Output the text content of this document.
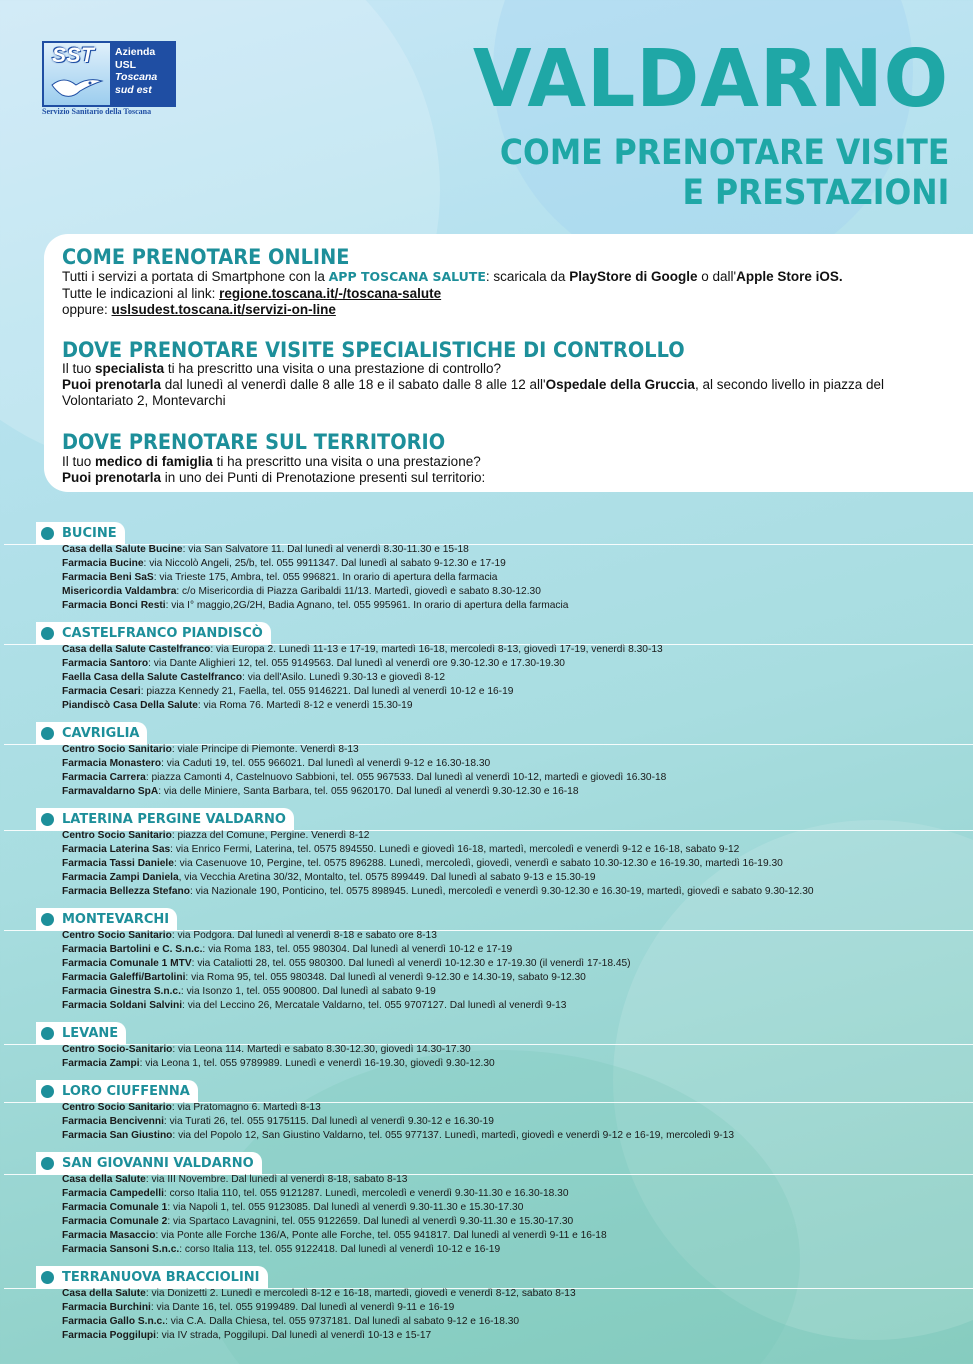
SST Azienda
USL
Toscana
sud est
Servizio Sanitario della Toscana	VALDARNO
COME PRENOTARE VISITE
E PRESTAZIONI
COME PRENOTARE ONLINE
Tutti i servizi a portata di Smartphone con la APP TOSCANA SALUTE: scaricala da PlayStore di Google o dall'Apple Store iOS.
Tutte le indicazioni al link: regione.toscana.it/-/toscana-salute
oppure: uslsudest.toscana.it/servizi-on-line
DOVE PRENOTARE VISITE SPECIALISTICHE DI CONTROLLO
Il tuo specialista ti ha prescritto una visita o una prestazione di controllo?
Puoi prenotarla dal lunedì al venerdì dalle 8 alle 18 e il sabato dalle 8 alle 12 all'Ospedale della Gruccia, al secondo livello in piazza del Volontariato 2, Montevarchi
DOVE PRENOTARE SUL TERRITORIO
Il tuo medico di famiglia ti ha prescritto una visita o una prestazione?
Puoi prenotarla in uno dei Punti di Prenotazione presenti sul territorio:
BUCINE
Casa della Salute Bucine: via San Salvatore 11. Dal lunedì al venerdì 8.30-11.30 e 15-18
Farmacia Bucine: via Niccolò Angeli, 25/b, tel. 055 9911347. Dal lunedì al sabato 9-12.30 e 17-19
Farmacia Beni SaS: via Trieste 175, Ambra, tel. 055 996821. In orario di apertura della farmacia
Misericordia Valdambra: c/o Misericordia di Piazza Garibaldi 11/13. Martedì, giovedì e sabato 8.30-12.30
Farmacia Bonci Resti: via I° maggio,2G/2H, Badia Agnano, tel. 055 995961. In orario di apertura della farmacia
CASTELFRANCO PIANDISCÒ
Casa della Salute Castelfranco: via Europa 2. Lunedì 11-13 e 17-19, martedì 16-18, mercoledì 8-13, giovedì 17-19, venerdì 8.30-13
Farmacia Santoro: via Dante Alighieri 12, tel. 055 9149563. Dal lunedì al venerdì ore 9.30-12.30 e 17.30-19.30
Faella Casa della Salute Castelfranco: via dell'Asilo. Lunedì 9.30-13 e giovedì 8-12
Farmacia Cesari: piazza Kennedy 21, Faella, tel. 055 9146221. Dal lunedì al venerdì 10-12 e 16-19
Piandiscò Casa Della Salute: via Roma 76. Martedì 8-12 e venerdì 15.30-19
CAVRIGLIA
Centro Socio Sanitario: viale Principe di Piemonte. Venerdì 8-13
Farmacia Monastero: via Caduti 19, tel. 055 966021. Dal lunedì al venerdì 9-12 e 16.30-18.30
Farmacia Carrera: piazza Camonti 4, Castelnuovo Sabbioni, tel. 055 967533. Dal lunedì al venerdì 10-12, martedì e giovedì 16.30-18
Farmavaldarno SpA: via delle Miniere, Santa Barbara, tel. 055 9620170. Dal lunedì al venerdì 9.30-12.30 e 16-18
LATERINA PERGINE VALDARNO
Centro Socio Sanitario: piazza del Comune, Pergine. Venerdì 8-12
Farmacia Laterina Sas: via Enrico Fermi, Laterina, tel. 0575 894550. Lunedì e giovedì 16-18, martedì, mercoledì e venerdì 9-12 e 16-18, sabato 9-12
Farmacia Tassi Daniele: via Casenuove 10, Pergine, tel. 0575 896288. Lunedì, mercoledì, giovedì, venerdì e sabato 10.30-12.30 e 16-19.30, martedì 16-19.30
Farmacia Zampi Daniela, via Vecchia Aretina 30/32, Montalto, tel. 0575 899449. Dal lunedì al sabato 9-13 e 15.30-19
Farmacia Bellezza Stefano: via Nazionale 190, Ponticino, tel. 0575 898945. Lunedì, mercoledì e venerdì 9.30-12.30 e 16.30-19, martedì, giovedì e sabato 9.30-12.30
MONTEVARCHI
Centro Socio Sanitario: via Podgora. Dal lunedì al venerdì 8-18 e sabato ore 8-13
Farmacia Bartolini e C. S.n.c.: via Roma 183, tel. 055 980304. Dal lunedì al venerdì 10-12 e 17-19
Farmacia Comunale 1 MTV: via Cataliotti 28, tel. 055 980300. Dal lunedì al venerdì 10-12.30 e 17-19.30 (il venerdì 17-18.45)
Farmacia Galeffi/Bartolini: via Roma 95, tel. 055 980348. Dal lunedì al venerdì 9-12.30 e 14.30-19, sabato 9-12.30
Farmacia Ginestra S.n.c.: via Isonzo 1, tel. 055 900800. Dal lunedì al sabato 9-19
Farmacia Soldani Salvini: via del Leccino 26, Mercatale Valdarno, tel. 055 9707127. Dal lunedì al venerdì 9-13
LEVANE
Centro Socio-Sanitario: via Leona 114. Martedì e sabato 8.30-12.30, giovedì 14.30-17.30
Farmacia Zampi: via Leona 1, tel. 055 9789989. Lunedì e venerdì 16-19.30, giovedì 9.30-12.30
LORO CIUFFENNA
Centro Socio Sanitario: via Pratomagno 6. Martedì 8-13
Farmacia Bencivenni: via Turati 26, tel. 055 9175115. Dal lunedì al venerdì 9.30-12 e 16.30-19
Farmacia San Giustino: via del Popolo 12, San Giustino Valdarno, tel. 055 977137. Lunedì, martedì, giovedì e venerdì 9-12 e 16-19, mercoledì 9-13
SAN GIOVANNI VALDARNO
Casa della Salute: via III Novembre. Dal lunedì al venerdì 8-18, sabato 8-13
Farmacia Campedelli: corso Italia 110, tel. 055 9121287. Lunedì, mercoledì e venerdì 9.30-11.30 e 16.30-18.30
Farmacia Comunale 1: via Napoli 1, tel. 055 9123085. Dal lunedì al venerdì 9.30-11.30 e 15.30-17.30
Farmacia Comunale 2: via Spartaco Lavagnini, tel. 055 9122659. Dal lunedì al venerdì 9.30-11.30 e 15.30-17.30
Farmacia Masaccio: via Ponte alle Forche 136/A, Ponte alle Forche, tel. 055 941817. Dal lunedì al venerdì 9-11 e 16-18
Farmacia Sansoni S.n.c.: corso Italia 113, tel. 055 9122418. Dal lunedì al venerdì 10-12 e 16-19
TERRANUOVA BRACCIOLINI
Casa della Salute: via Donizetti 2. Lunedì e mercoledì 8-12 e 16-18, martedì, giovedì e venerdì 8-12, sabato 8-13
Farmacia Burchini: via Dante 16, tel. 055 9199489. Dal lunedì al venerdì 9-11 e 16-19
Farmacia Gallo S.n.c.: via C.A. Dalla Chiesa, tel. 055 9737181. Dal lunedì al sabato 9-12 e 16-18.30
Farmacia Poggilupi: via IV strada, Poggilupi. Dal lunedì al venerdì 10-13 e 15-17
